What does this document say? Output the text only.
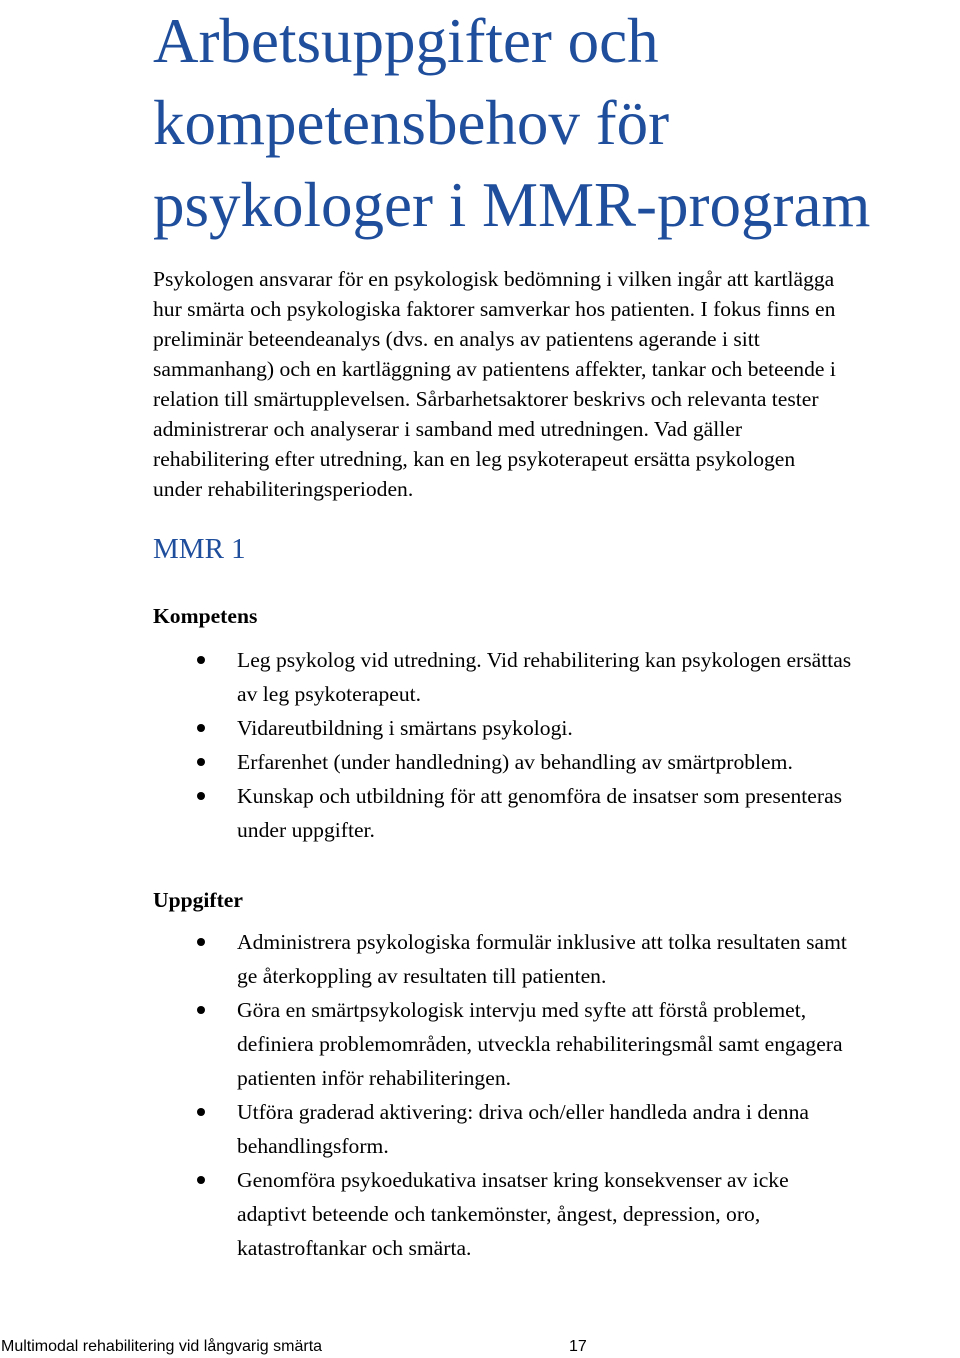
Arbetsuppgifter och
kompetensbehov för
psykologer i MMR-program

Psykologen ansvarar för en psykologisk bedömning i vilken ingår att kartlägga
hur smärta och psykologiska faktorer samverkar hos patienten. I fokus finns en
preliminär beteendeanalys (dvs. en analys av patientens agerande i sitt
sammanhang) och en kartläggning av patientens affekter, tankar och beteende i
relation till smärtupplevelsen. Sårbarhetsaktorer beskrivs och relevanta tester
administrerar och analyserar i samband med utredningen. Vad gäller
rehabilitering efter utredning, kan en leg psykoterapeut ersätta psykologen
under rehabiliteringsperioden.

MMR 1
Kompetens
Leg psykolog vid utredning. Vid rehabilitering kan psykologen ersättas
av leg psykoterapeut.
Vidareutbildning i smärtans psykologi.
Erfarenhet (under handledning) av behandling av smärtproblem.
Kunskap och utbildning för att genomföra de insatser som presenteras
under uppgifter.
Uppgifter
Administrera psykologiska formulär inklusive att tolka resultaten samt
ge återkoppling av resultaten till patienten.
Göra en smärtpsykologisk intervju med syfte att förstå problemet,
definiera problemområden, utveckla rehabiliteringsmål samt engagera
patienten inför rehabiliteringen.
Utföra graderad aktivering: driva och/eller handleda andra i denna
behandlingsform.
Genomföra psykoedukativa insatser kring konsekvenser av icke
adaptivt beteende och tankemönster, ångest, depression, oro,
katastroftankar och smärta.
Multimodal rehabilitering vid långvarig smärta	17
